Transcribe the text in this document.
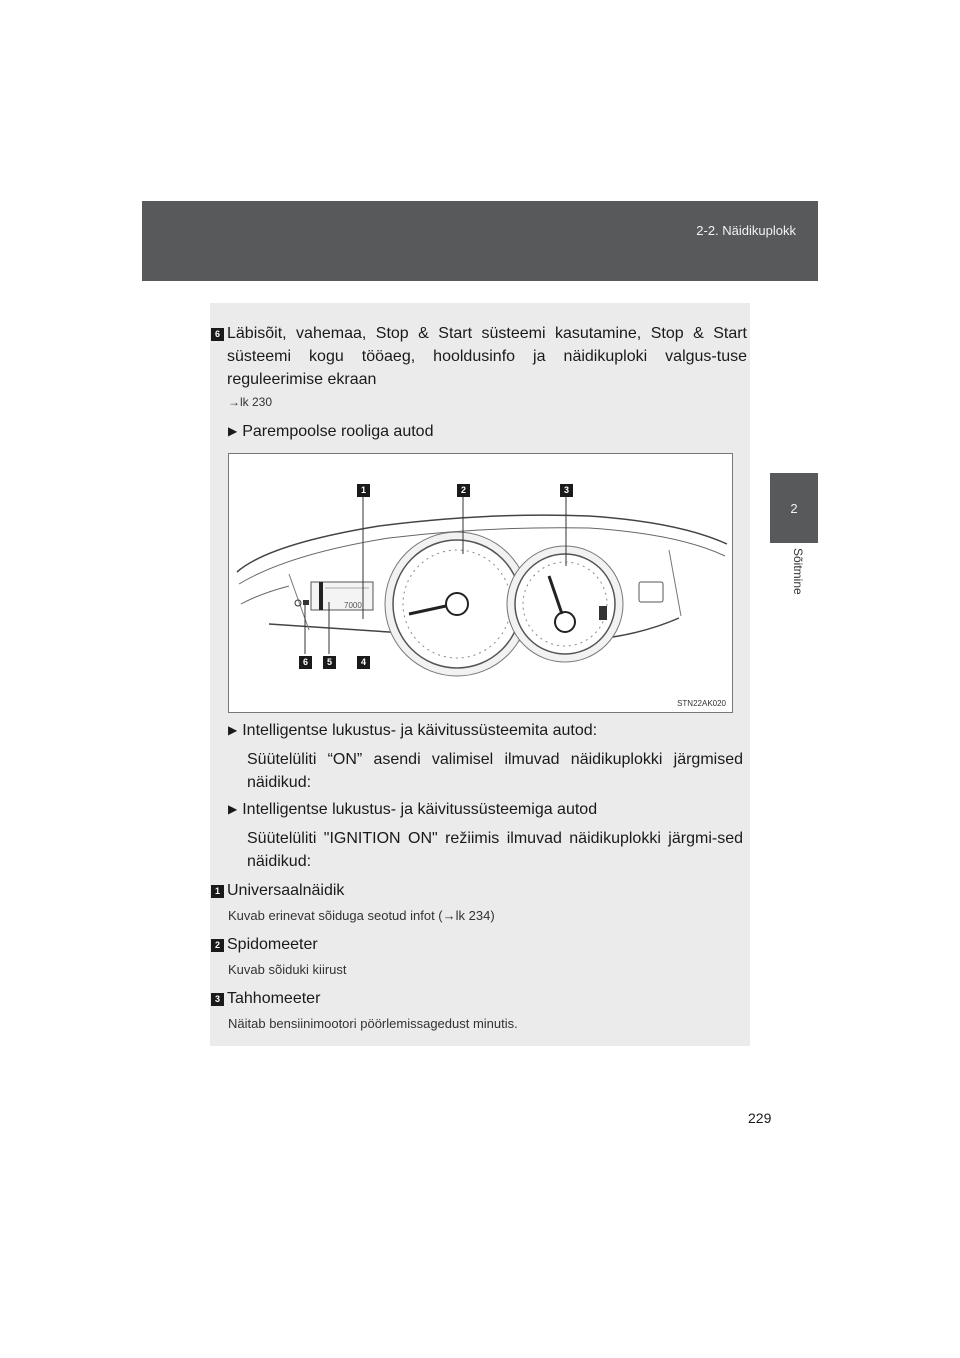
2-2. Näidikuplokk
2
Sõitmine
6 Läbisõit, vahemaa, Stop & Start süsteemi kasutamine, Stop & Start süsteemi kogu tööaeg, hooldusinfo ja näidikuploki valgus-tuse reguleerimise ekraan
→lk 230
▶ Parempoolse rooliga autod
7000
1	2	3
4
5
6
STN22AK020
▶ Intelligentse lukustus- ja käivitussüsteemita autod:
Süütelüliti “ON” asendi valimisel ilmuvad näidikuplokki järgmised näidikud:
▶ Intelligentse lukustus- ja käivitussüsteemiga autod
Süütelüliti "IGNITION ON" režiimis ilmuvad näidikuplokki järgmi-sed näidikud:
1 Universaalnäidik
Kuvab erinevat sõiduga seotud infot (→lk 234)
2 Spidomeeter
Kuvab sõiduki kiirust
3 Tahhomeeter
Näitab bensiinimootori pöörlemissagedust minutis.
229
